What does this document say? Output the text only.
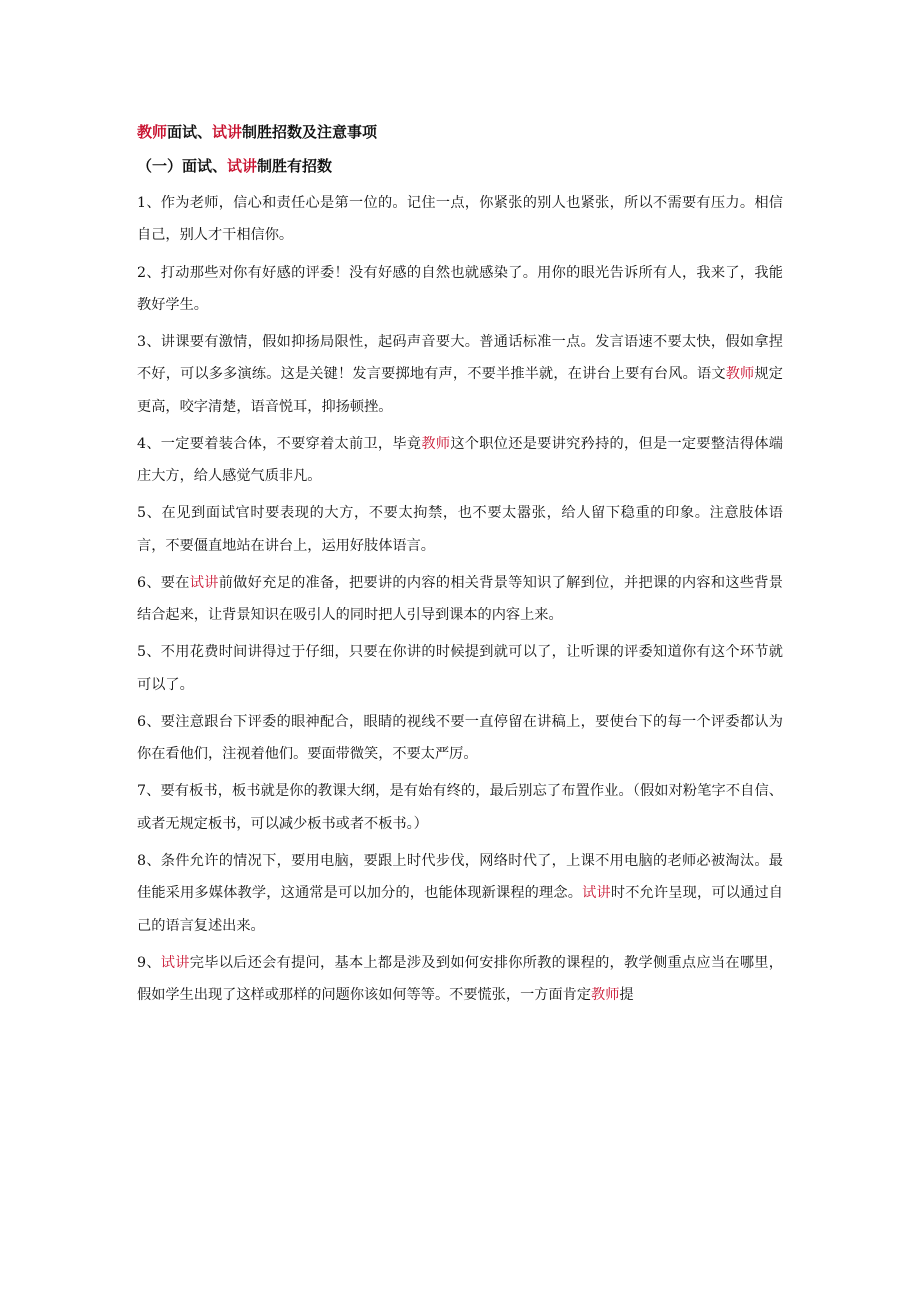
教师面试、试讲制胜招数及注意事项
（一）面试、试讲制胜有招数

1、作为老师，信心和责任心是第一位的。记住一点，你紧张的别人也紧张，所以不需要有压力。相信自己，别人才干相信你。

2、打动那些对你有好感的评委！没有好感的自然也就感染了。用你的眼光告诉所有人，我来了，我能教好学生。

3、讲课要有激情，假如抑扬局限性，起码声音要大。普通话标准一点。发言语速不要太快，假如拿捏不好，可以多多演练。这是关键！发言要掷地有声，不要半推半就，在讲台上要有台风。语文教师规定更高，咬字清楚，语音悦耳，抑扬顿挫。

4、一定要着装合体，不要穿着太前卫，毕竟教师这个职位还是要讲究矜持的，但是一定要整洁得体端庄大方，给人感觉气质非凡。

5、在见到面试官时要表现的大方，不要太拘禁，也不要太嚣张，给人留下稳重的印象。注意肢体语言，不要僵直地站在讲台上，运用好肢体语言。

6、要在试讲前做好充足的准备，把要讲的内容的相关背景等知识了解到位，并把课的内容和这些背景结合起来，让背景知识在吸引人的同时把人引导到课本的内容上来。

5、不用花费时间讲得过于仔细，只要在你讲的时候提到就可以了，让听课的评委知道你有这个环节就可以了。

6、要注意跟台下评委的眼神配合，眼睛的视线不要一直停留在讲稿上，要使台下的每一个评委都认为你在看他们，注视着他们。要面带微笑，不要太严厉。

7、要有板书，板书就是你的教课大纲，是有始有终的，最后别忘了布置作业。（假如对粉笔字不自信、或者无规定板书，可以减少板书或者不板书。）

8、条件允许的情况下，要用电脑，要跟上时代步伐，网络时代了，上课不用电脑的老师必被淘汰。最佳能采用多媒体教学，这通常是可以加分的，也能体现新课程的理念。试讲时不允许呈现，可以通过自己的语言复述出来。

9、试讲完毕以后还会有提问，基本上都是涉及到如何安排你所教的课程的，教学侧重点应当在哪里，假如学生出现了这样或那样的问题你该如何等等。不要慌张，一方面肯定教师提
